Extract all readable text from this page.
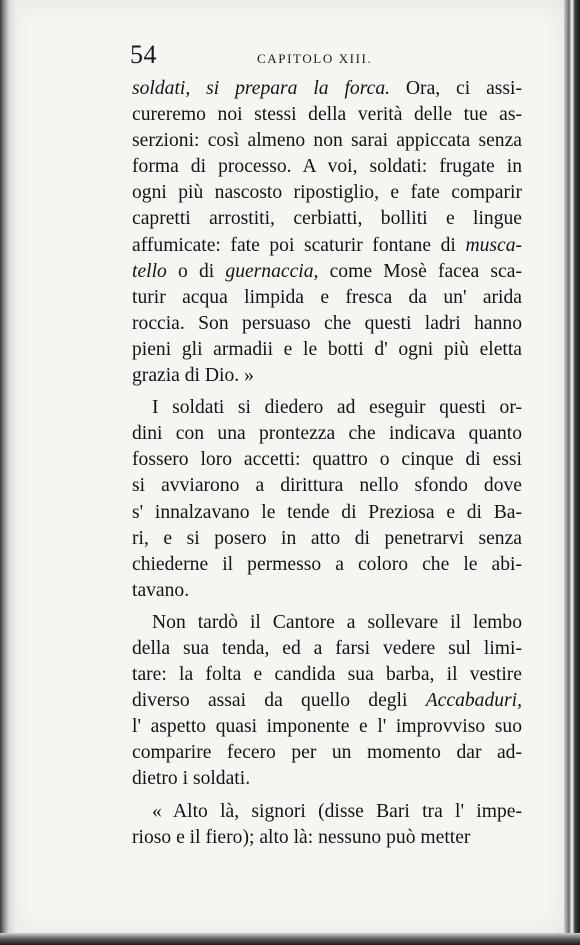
54	CAPITOLO XIII.
soldati, si prepara la forca. Ora, ci assi-
cureremo noi stessi della verità delle tue as-
serzioni: così almeno non sarai appiccata senza
forma di processo. A voi, soldati: frugate in
ogni più nascosto ripostiglio, e fate comparir
capretti arrostiti, cerbiatti, bolliti e lingue
affumicate: fate poi scaturir fontane di musca-
tello o di guernaccia, come Mosè facea sca-
turir acqua limpida e fresca da un' arida
roccia. Son persuaso che questi ladri hanno
pieni gli armadii e le botti d' ogni più eletta
grazia di Dio. »
I soldati si diedero ad eseguir questi or-
dini con una prontezza che indicava quanto
fossero loro accetti: quattro o cinque di essi
si avviarono a dirittura nello sfondo dove
s' innalzavano le tende di Preziosa e di Ba-
ri, e si posero in atto di penetrarvi senza
chiederne il permesso a coloro che le abi-
tavano.
Non tardò il Cantore a sollevare il lembo
della sua tenda, ed a farsi vedere sul limi-
tare: la folta e candida sua barba, il vestire
diverso assai da quello degli Accabaduri,
l' aspetto quasi imponente e l' improvviso suo
comparire fecero per un momento dar ad-
dietro i soldati.
« Alto là, signori (disse Bari tra l' impe-
rioso e il fiero); alto là: nessuno può metter
